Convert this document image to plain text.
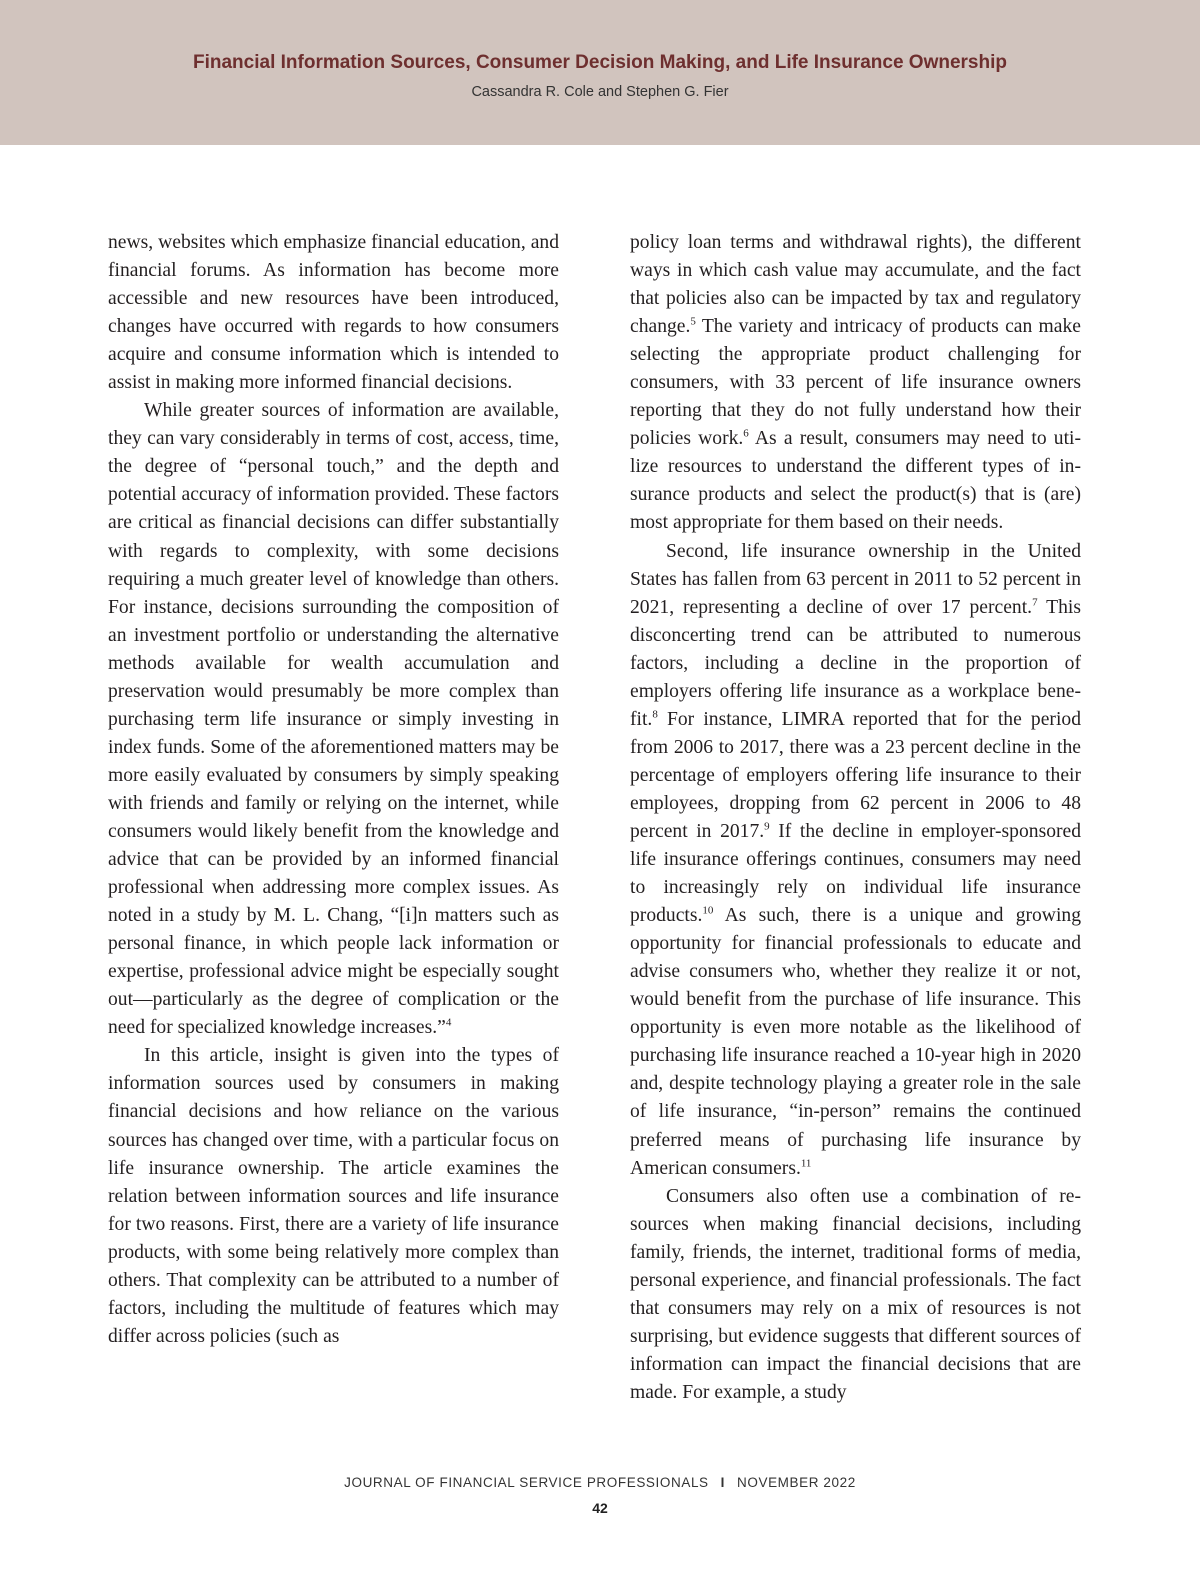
Financial Information Sources, Consumer Decision Making, and Life Insurance Ownership

Cassandra R. Cole and Stephen G. Fier

news, websites which emphasize financial education, and financial forums. As information has become more accessible and new resources have been introduced, changes have occurred with regards to how consumers acquire and consume information which is intended to assist in making more informed financial decisions.

While greater sources of information are available, they can vary considerably in terms of cost, access, time, the degree of “personal touch,” and the depth and potential accuracy of information provided. These factors are critical as financial decisions can differ substantially with regards to complexity, with some decisions requiring a much greater level of knowledge than others. For instance, decisions surrounding the composition of an investment portfolio or understanding the alternative methods available for wealth accumulation and preservation would presumably be more complex than purchasing term life insurance or simply investing in index funds. Some of the aforementioned matters may be more easily evaluated by consumers by simply speaking with friends and family or relying on the internet, while consumers would likely benefit from the knowledge and advice that can be provided by an informed financial professional when addressing more complex issues. As noted in a study by M. L. Chang, “[i]n matters such as personal finance, in which people lack information or expertise, professional advice might be especially sought out—particularly as the degree of complication or the need for specialized knowledge increases.”$^4$

In this article, insight is given into the types of information sources used by consumers in making financial decisions and how reliance on the various sources has changed over time, with a particular focus on life insurance ownership. The article examines the relation between information sources and life insurance for two reasons. First, there are a variety of life insurance products, with some being relatively more complex than others. That complexity can be attributed to a number of factors, including the multitude of features which may differ across policies (such as

policy loan terms and withdrawal rights), the different ways in which cash value may accumulate, and the fact that policies also can be impacted by tax and regulatory change.$^5$ The variety and intricacy of products can make selecting the appropriate product challenging for consumers, with 33 percent of life insurance owners reporting that they do not fully understand how their policies work.$^6$ As a result, consumers may need to utilize resources to understand the different types of insurance products and select the product(s) that is (are) most appropriate for them based on their needs.

Second, life insurance ownership in the United States has fallen from 63 percent in 2011 to 52 percent in 2021, representing a decline of over 17 percent.$^7$ This disconcerting trend can be attributed to numerous factors, including a decline in the proportion of employers offering life insurance as a workplace benefit.$^8$ For instance, LIMRA reported that for the period from 2006 to 2017, there was a 23 percent decline in the percentage of employers offering life insurance to their employees, dropping from 62 percent in 2006 to 48 percent in 2017.$^9$ If the decline in employer-sponsored life insurance offerings continues, consumers may need to increasingly rely on individual life insurance products.$^{10}$ As such, there is a unique and growing opportunity for financial professionals to educate and advise consumers who, whether they realize it or not, would benefit from the purchase of life insurance. This opportunity is even more notable as the likelihood of purchasing life insurance reached a 10-year high in 2020 and, despite technology playing a greater role in the sale of life insurance, “in-person” remains the continued preferred means of purchasing life insurance by American consumers.$^{11}$

Consumers also often use a combination of resources when making financial decisions, including family, friends, the internet, traditional forms of media, personal experience, and financial professionals. The fact that consumers may rely on a mix of resources is not surprising, but evidence suggests that different sources of information can impact the financial decisions that are made. For example, a study

JOURNAL OF FINANCIAL SERVICE PROFESSIONALS I NOVEMBER 2022
42
